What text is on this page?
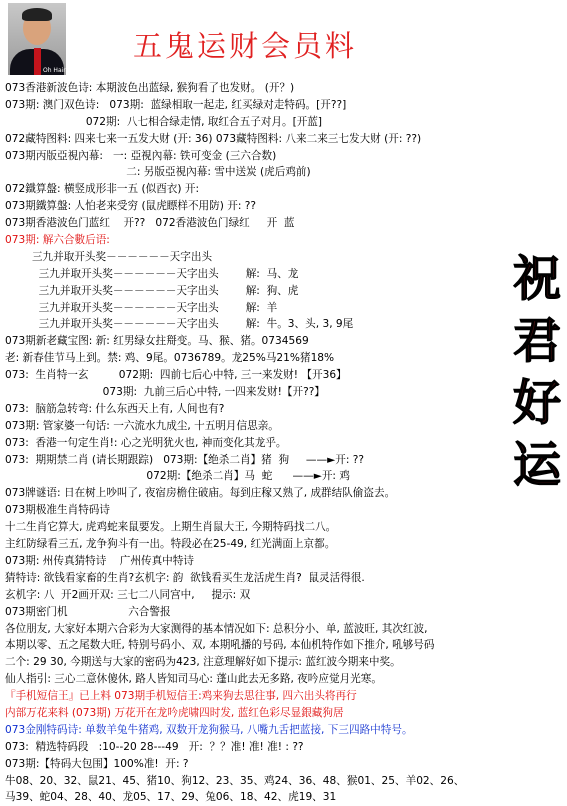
Oh Hair
五鬼运财会员料
073香港新波色诗: 本期波色出蓝绿, 猴狗看了也发财。 (开？)
073期: 澳门双色诗:   073期:  蓝绿相取一起走, 红买绿对走特码。[开??]
072期:  八七相合绿走情, 取红合五子对月。[开蓝]
072藏特图料: 四来七来一五发大财 (开: 36) 073藏特图料: 八来二来三七发大财 (开: ??)
073期丙版亞視內幕:   一: 亞視內幕: 铁可变金 (三六合数)
二: 另版亞視內幕: 雪中送炭 (虎后鸡前)
072鐵算盤: 横竖成形非一五 (似酉衣) 开:
073期鐵算盤: 人怕老来受穷 (鼠虎瞟样不用防) 开: ??
073期香港波色门蓝红    开??   072香港波色门绿红     开  蓝
073期: 解六合數后语:
三九并取开头奖－－－－－－天字出头
三九并取开头奖－－－－－－天字出头        解:  马、龙
三九并取开头奖－－－－－－天字出头        解:  狗、虎
三九并取开头奖－－－－－－天字出头        解:  羊
三九并取开头奖－－－－－－天字出头        解:  牛。3、头, 3, 9尾
073期新老藏宝图: 新: 红男绿女拄搿变。马、猴、猪。0734569
老: 新春佳节马上到。禁: 鸡、9尾。0736789。龙25%马21%猪18%
073:  生肖特一玄         072期:  四前七后心中特, 三一来发财! 【开36】
073期:  九前三后心中特, 一四来发财!【开??】
073:  脑筋急转弯: 什么东西天上有, 人间也有?
073期: 管家婆一句话: 一六流水九成尘, 十五明月信思亲。
073:  香港一句定生肖!: 心之光明犹火也, 神而变化其龙乎。
073:  期期禁二肖 (请长期跟踪)   073期:【绝杀二肖】猪  狗     ——►开: ??
072期:【绝杀二肖】马  蛇      ——►开: 鸡
073牌谜语: 日在树上吵叫了, 夜宿房檐住破庙。每到庄稼又熟了, 成群结队偷盗去。
073期极准生肖特码诗
十二生肖它算大, 虎鸡蛇来鼠要发。上期生肖鼠大王, 今期特码找二八。
主红防绿看三五, 龙争狗斗有一出。特段必在25-49, 红光满面上京都。
073期: 州传真猜特诗    广州传真中特诗
猜特诗: 欲钱看家畜的生肖?玄机字: 韵  欲钱看买生龙活虎生肖?  鼠灵活得很.
玄机字: 八  开2画开双: 三七二八同宫中,     提示: 双
073期密门机                  六合警报
各位朋友, 大家好本期六合彩为大家测得的基本情况如下: 总积分小、单, 蓝波旺, 其次红波,
本期以零、五之尾数大旺, 特别号码小、双, 本期吼播的号码, 本仙机特作如下推介, 吼够号码
二个: 29 30, 今期送与大家的密码为423, 注意理解好如下提示: 蓝红波今期来中奖。
仙人指引: 三心二意休傻休, 路人皆知司马心: 蓬山此去无多路, 夜吟应觉月光寒。
『手机短信王』已上料 073期手机短信王:鸡来狗去思往事, 四六出头将再行
内部万花来料 (073期) 万花开在龙吟虎啸四时发, 蓝红色彩尽显銀藏狗居
073金刚特码诗: 单数羊兔牛猪鸡, 双数开龙狗猴马, 八嘴九舌把蓝接, 下三四路中特号。
073:  精选特码段   :10--20 28---49   开:  ？？准! 准! 准! : ??
073期:【特码大包围】100%准!  开: ?
牛08、20、32、鼠21、45、猪10、狗12、23、35、鸡24、36、48、猴01、25、羊02、26、
马39、蛇04、28、40、龙05、17、29、兔06、18、42、虎19、31
祝
君
好
运
